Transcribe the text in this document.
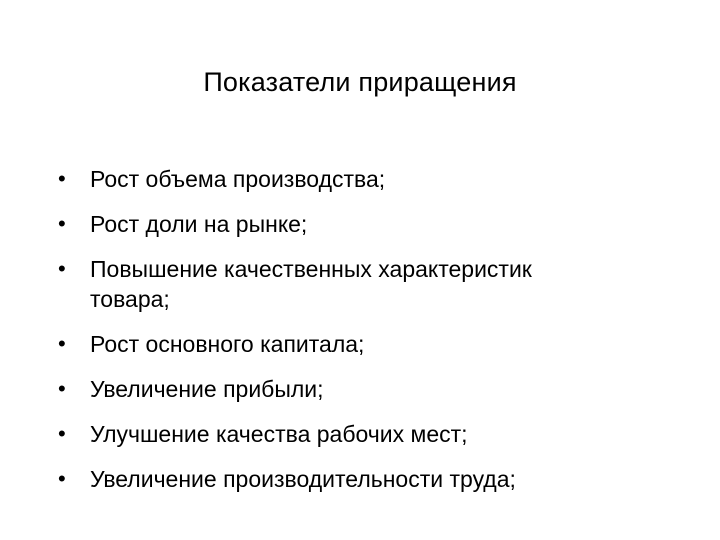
Показатели приращения
•	Рост объема производства;
•	Рост доли на рынке;
•	Повышение качественных характеристик товара;
•	Рост основного капитала;
•	Увеличение прибыли;
•	Улучшение качества рабочих мест;
•	Увеличение производительности труда;
